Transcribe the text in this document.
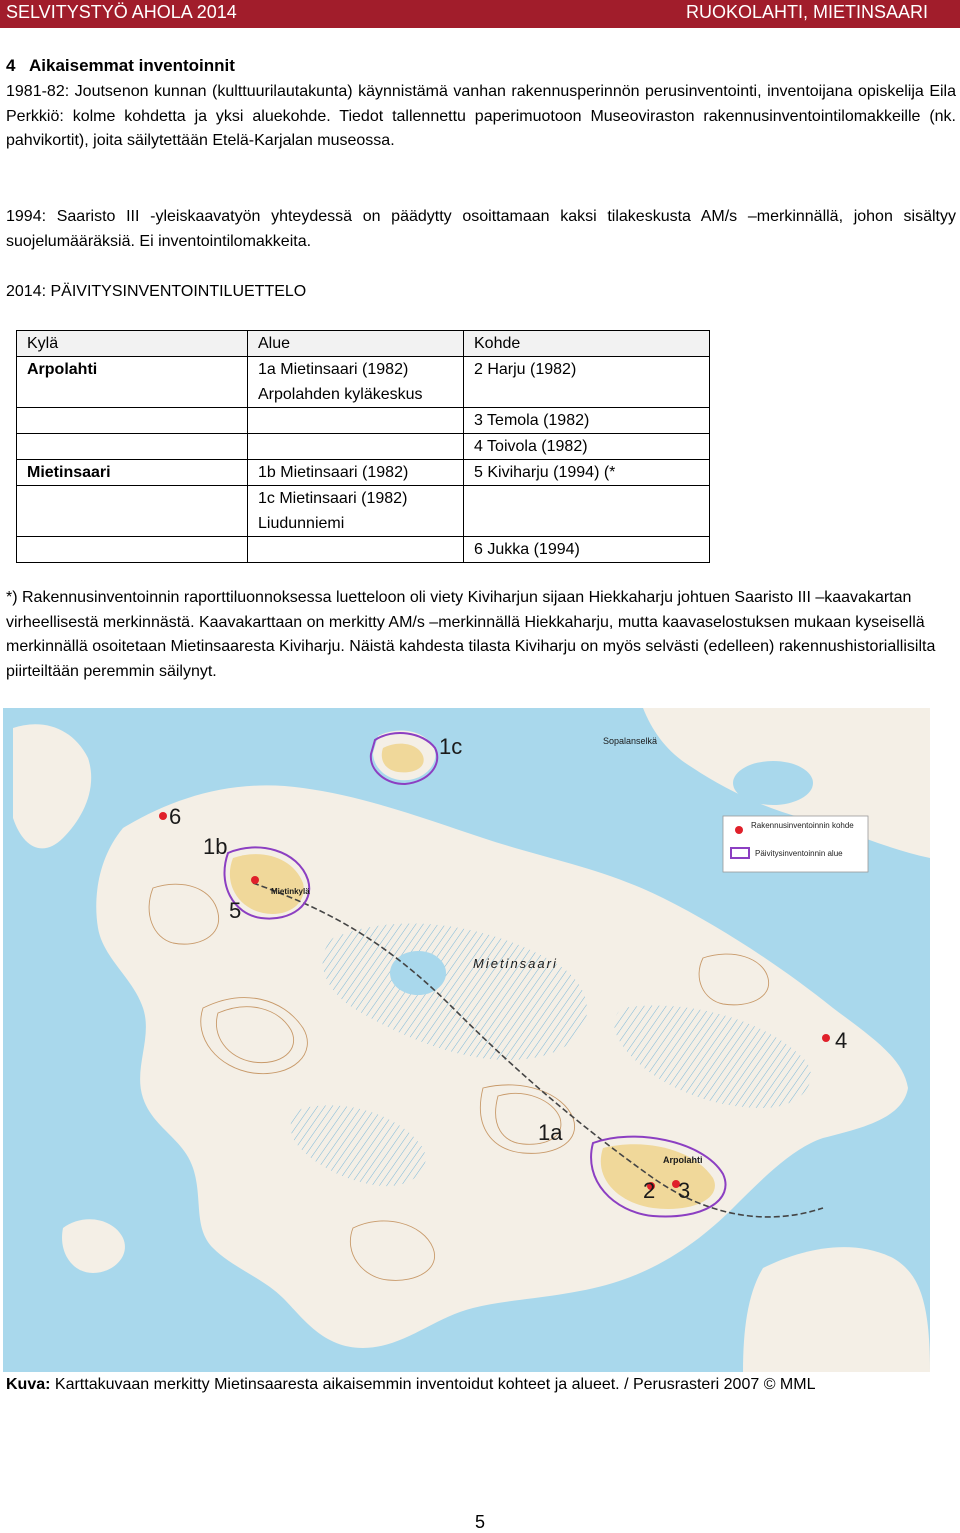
SELVITYSTYÖ AHOLA 2014	RUOKOLAHTI, MIETINSAARI
4   Aikaisemmat inventoinnit
1981-82: Joutsenon kunnan (kulttuurilautakunta) käynnistämä vanhan rakennusperinnön perusinventointi, inventoijana opiskelija Eila Perkkiö: kolme kohdetta ja yksi aluekohde. Tiedot tallennettu paperimuotoon Museoviraston rakennusinventointilomakkeille (nk. pahvikortit), joita säilytettään Etelä-Karjalan museossa.
1994: Saaristo III -yleiskaavatyön yhteydessä on päädytty osoittamaan kaksi tilakeskusta AM/s –merkinnällä, johon sisältyy suojelumääräksiä. Ei inventointilomakkeita.
2014: PÄIVITYSINVENTOINTILUETTELO
Kylä	Alue	Kohde
Arpolahti	1a Mietinsaari (1982)	2 Harju (1982)
	Arpolahden kyläkeskus	
		3 Temola (1982)
		4 Toivola (1982)
Mietinsaari	1b Mietinsaari (1982)	5 Kiviharju (1994) (*
	1c Mietinsaari (1982)	
	Liudunniemi	
		6 Jukka (1994)
*) Rakennusinventoinnin raporttiluonnoksessa luetteloon oli viety Kiviharjun sijaan Hiekkaharju johtuen Saaristo III –kaavakartan virheellisestä merkinnästä. Kaavakarttaan on merkitty AM/s –merkinnällä Hiekkaharju, mutta kaavaselostuksen mukaan kyseisellä merkinnällä osoitetaan Mietinsaaresta Kiviharju. Näistä kahdesta tilasta Kiviharju on myös selvästi (edelleen) rakennushistoriallisilta piirteiltään peremmin säilynyt.
1c
6
1b
5
1a
2 3
4
Mietinsaari
Arpolahti
Mietinkylä
Sopalanselkä
Rakennusinventoinnin kohde
Päivitysinventoinnin alue
Kuva: Karttakuvaan merkitty Mietinsaaresta aikaisemmin inventoidut kohteet ja alueet. / Perusrasteri 2007 © MML
5
